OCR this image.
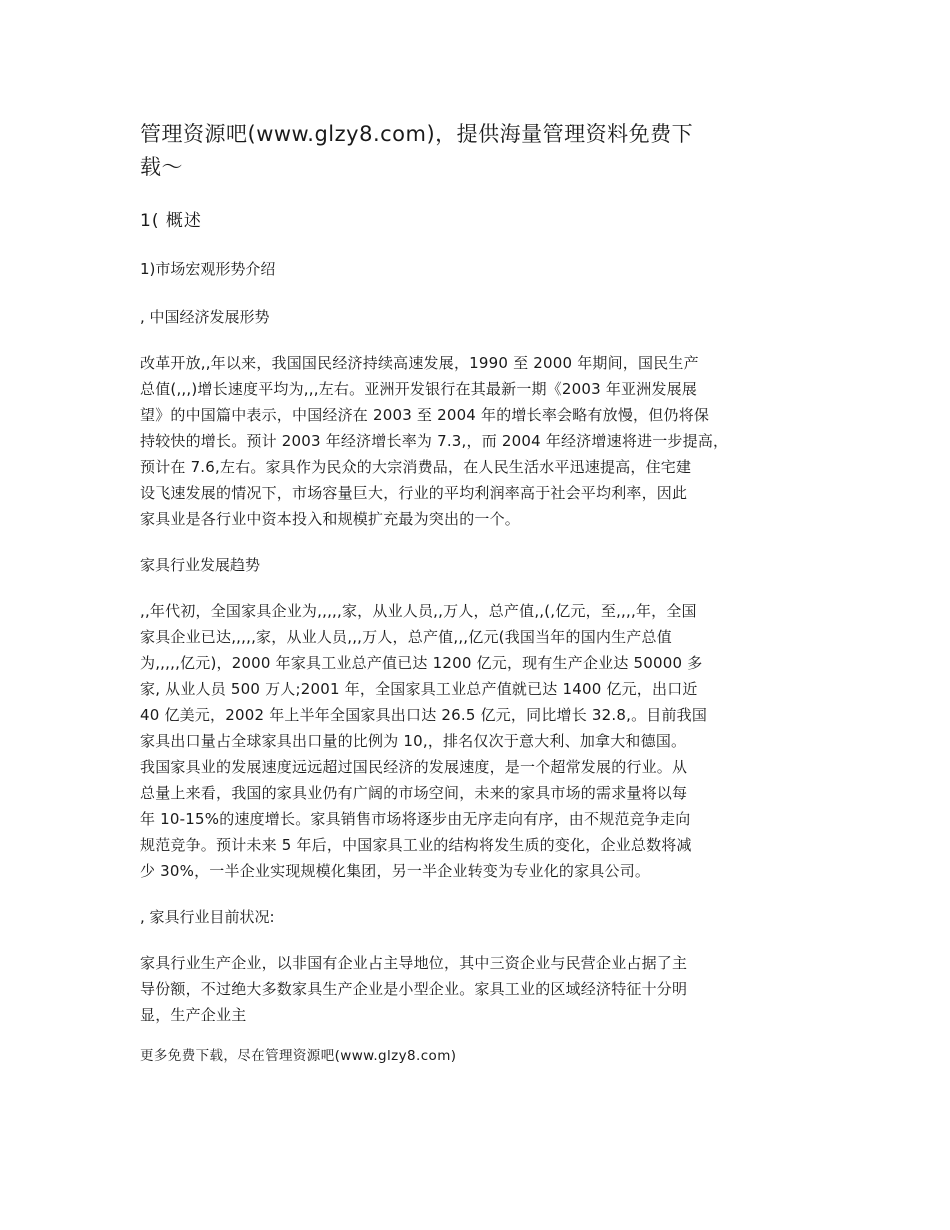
管理资源吧(www.glzy8.com)，提供海量管理资料免费下
载～
1( 概述
1)市场宏观形势介绍
, 中国经济发展形势

改革开放,,年以来，我国国民经济持续高速发展，1990 至 2000 年期间，国民生产
总值(,,,)增长速度平均为,,,左右。亚洲开发银行在其最新一期《2003 年亚洲发展展
望》的中国篇中表示，中国经济在 2003 至 2004 年的增长率会略有放慢，但仍将保
持较快的增长。预计 2003 年经济增长率为 7.3,，而 2004 年经济增速将进一步提高，
预计在 7.6,左右。家具作为民众的大宗消费品，在人民生活水平迅速提高，住宅建
设飞速发展的情况下，市场容量巨大，行业的平均利润率高于社会平均利率，因此
家具业是各行业中资本投入和规模扩充最为突出的一个。

家具行业发展趋势

,,年代初，全国家具企业为,,,,,家，从业人员,,万人，总产值,,(,亿元，至,,,,年，全国
家具企业已达,,,,,家，从业人员,,,万人，总产值,,,亿元(我国当年的国内生产总值
为,,,,,亿元)，2000 年家具工业总产值已达 1200 亿元，现有生产企业达 50000 多
家, 从业人员 500 万人;2001 年，全国家具工业总产值就已达 1400 亿元，出口近
40 亿美元，2002 年上半年全国家具出口达 26.5 亿元，同比增长 32.8,。目前我国
家具出口量占全球家具出口量的比例为 10,，排名仅次于意大利、加拿大和德国。
我国家具业的发展速度远远超过国民经济的发展速度，是一个超常发展的行业。从
总量上来看，我国的家具业仍有广阔的市场空间，未来的家具市场的需求量将以每
年 10-15%的速度增长。家具销售市场将逐步由无序走向有序，由不规范竞争走向
规范竞争。预计未来 5 年后，中国家具工业的结构将发生质的变化，企业总数将减
少 30%，一半企业实现规模化集团，另一半企业转变为专业化的家具公司。

, 家具行业目前状况:

家具行业生产企业，以非国有企业占主导地位，其中三资企业与民营企业占据了主
导份额，不过绝大多数家具生产企业是小型企业。家具工业的区域经济特征十分明
显，生产企业主

更多免费下载，尽在管理资源吧(www.glzy8.com)
